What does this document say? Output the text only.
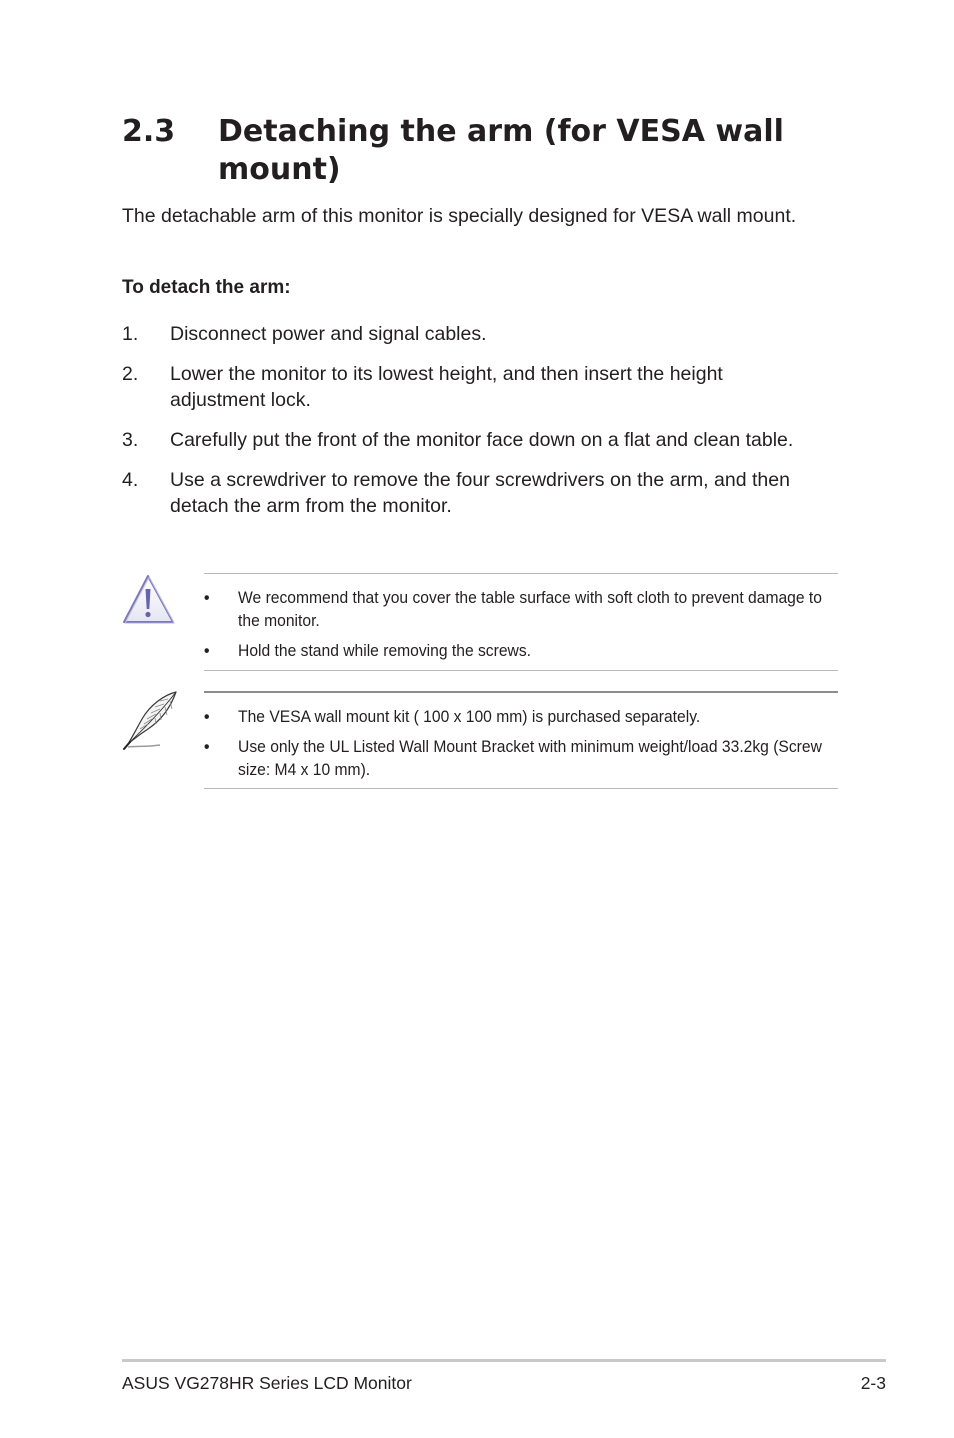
2.3	Detaching the arm (for VESA wall mount)

The detachable arm of this monitor is specially designed for VESA wall mount.

To detach the arm:

1.	Disconnect power and signal cables.
2.	Lower the monitor to its lowest height, and then insert the height adjustment lock.
3.	Carefully put the front of the monitor face down on a flat and clean table.
4.	Use a screwdriver to remove the four screwdrivers on the arm, and then detach the arm from the monitor.
•	We recommend that you cover the table surface with soft cloth to prevent damage to the monitor.
•	Hold the stand while removing the screws.
•	The VESA wall mount kit ( 100 x 100 mm) is purchased separately.
•	Use only the UL Listed Wall Mount Bracket with minimum weight/load 33.2kg (Screw size: M4 x 10 mm).
ASUS VG278HR Series LCD Monitor	2-3
